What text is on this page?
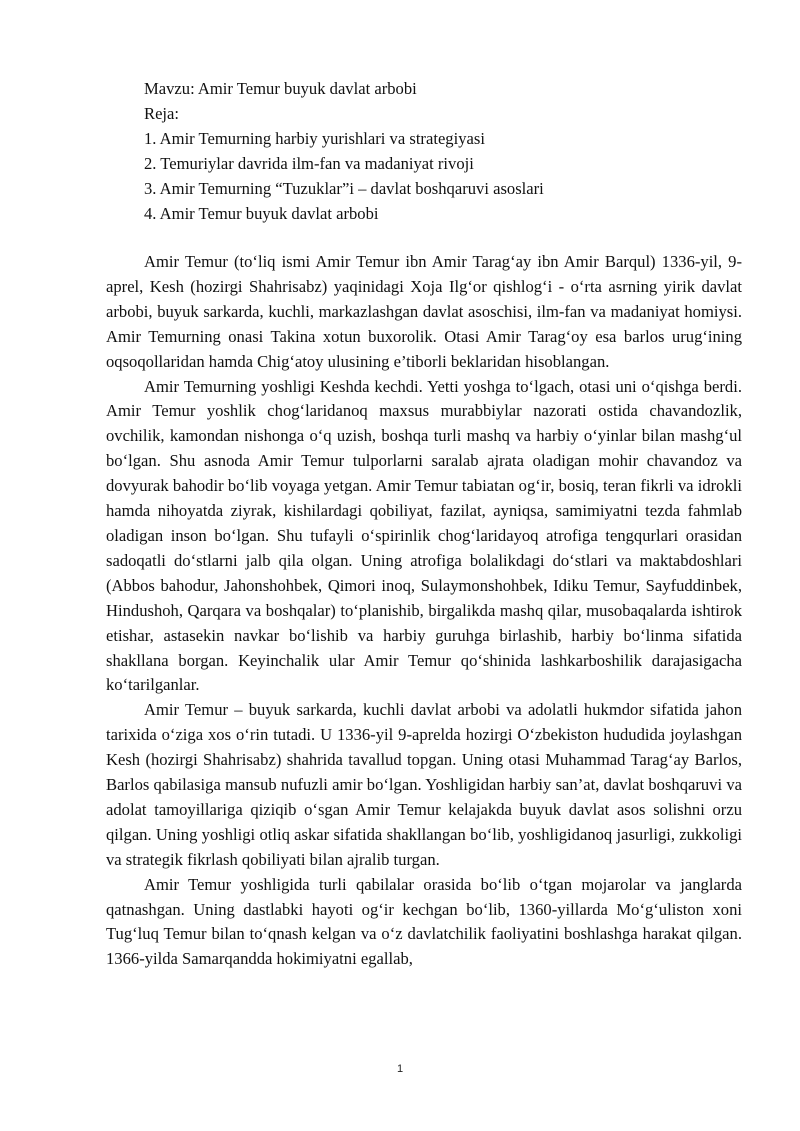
Mavzu: Amir Temur buyuk davlat arbobi
Reja:
1. Amir Temurning harbiy yurishlari va strategiyasi
2. Temuriylar davrida ilm-fan va madaniyat rivoji
3. Amir Temurning “Tuzuklar”i – davlat boshqaruvi asoslari
4. Amir Temur buyuk davlat arbobi

Amir Temur (to‘liq ismi Amir Temur ibn Amir Tarag‘ay ibn Amir Barqul) 1336-yil, 9-aprel, Kesh (hozirgi Shahrisabz) yaqinidagi Xoja Ilg‘or qishlog‘i - o‘rta asrning yirik davlat arbobi, buyuk sarkarda, kuchli, markazlashgan davlat asoschisi, ilm-fan va madaniyat homiysi. Amir Temurning onasi Takina xotun buxorolik. Otasi Amir Tarag‘oy esa barlos urug‘ining oqsoqollaridan hamda Chig‘atoy ulusining e’tiborli beklaridan hisoblangan.

Amir Temurning yoshligi Keshda kechdi. Yetti yoshga to‘lgach, otasi uni o‘qishga berdi. Amir Temur yoshlik chog‘laridanoq maxsus murabbiylar nazorati ostida chavandozlik, ovchilik, kamondan nishonga o‘q uzish, boshqa turli mashq va harbiy o‘yinlar bilan mashg‘ul bo‘lgan. Shu asnoda Amir Temur tulporlarni saralab ajrata oladigan mohir chavandoz va dovyurak bahodir bo‘lib voyaga yetgan. Amir Temur tabiatan og‘ir, bosiq, teran fikrli va idrokli hamda nihoyatda ziyrak, kishilardagi qobiliyat, fazilat, ayniqsa, samimiyatni tezda fahmlab oladigan inson bo‘lgan. Shu tufayli o‘spirinlik chog‘laridayoq atrofiga tengqurlari orasidan sadoqatli do‘stlarni jalb qila olgan. Uning atrofiga bolalikdagi do‘stlari va maktabdoshlari (Abbos bahodur, Jahonshohbek, Qimori inoq, Sulaymonshohbek, Idiku Temur, Sayfuddinbek, Hindushoh, Qarqara va boshqalar) to‘planishib, birgalikda mashq qilar, musobaqalarda ishtirok etishar, astasekin navkar bo‘lishib va harbiy guruhga birlashib, harbiy bo‘linma sifatida shakllana borgan. Keyinchalik ular Amir Temur qo‘shinida lashkarboshilik darajasigacha ko‘tarilganlar.

Amir Temur – buyuk sarkarda, kuchli davlat arbobi va adolatli hukmdor sifatida jahon tarixida o‘ziga xos o‘rin tutadi. U 1336-yil 9-aprelda hozirgi O‘zbekiston hududida joylashgan Kesh (hozirgi Shahrisabz) shahrida tavallud topgan. Uning otasi Muhammad Tarag‘ay Barlos, Barlos qabilasiga mansub nufuzli amir bo‘lgan. Yoshligidan harbiy san’at, davlat boshqaruvi va adolat tamoyillariga qiziqib o‘sgan Amir Temur kelajakda buyuk davlat asos solishni orzu qilgan. Uning yoshligi otliq askar sifatida shakllangan bo‘lib, yoshligidanoq jasurligi, zukkoligi va strategik fikrlash qobiliyati bilan ajralib turgan.

Amir Temur yoshligida turli qabilalar orasida bo‘lib o‘tgan mojarolar va janglarda qatnashgan. Uning dastlabki hayoti og‘ir kechgan bo‘lib, 1360-yillarda Mo‘g‘uliston xoni Tug‘luq Temur bilan to‘qnash kelgan va o‘z davlatchilik faoliyatini boshlashga harakat qilgan. 1366-yilda Samarqandda hokimiyatni egallab,

1
